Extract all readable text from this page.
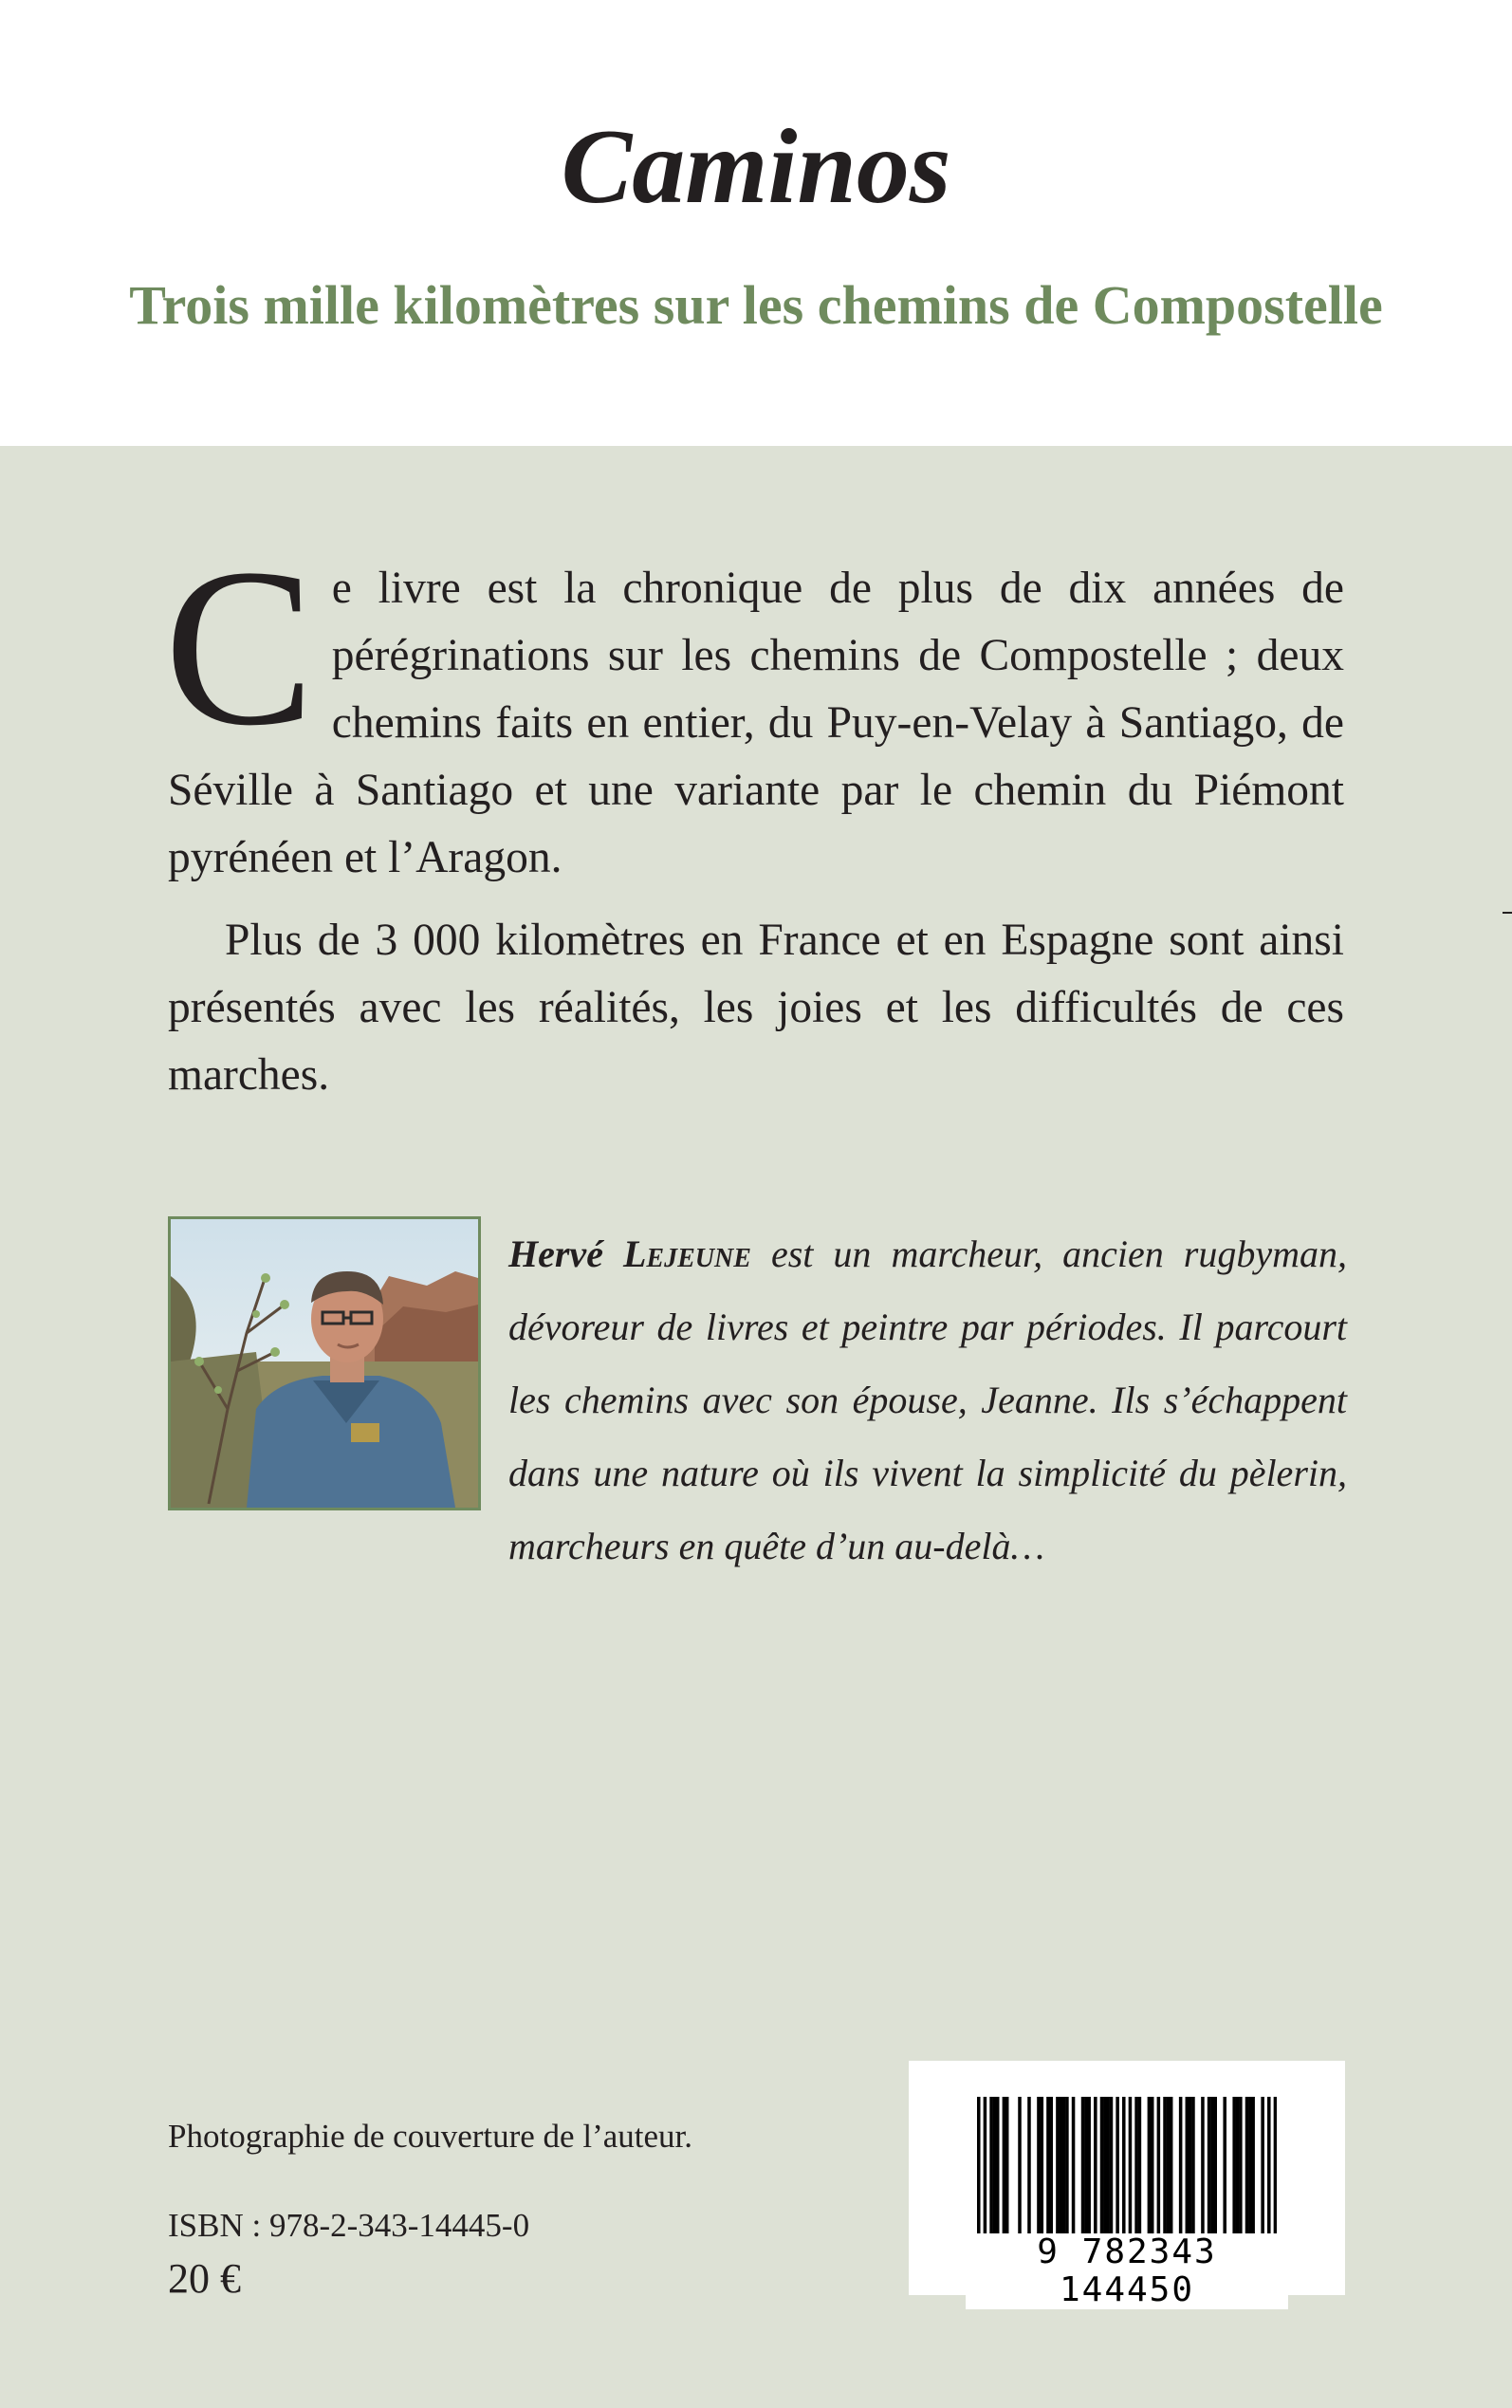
Caminos
Trois mille kilomètres sur les chemins de Compostelle

Ce livre est la chronique de plus de dix années de pérégrinations sur les chemins de Compostelle ; deux chemins faits en entier, du Puy-en-Velay à Santiago, de Séville à Santiago et une variante par le chemin du Piémont pyrénéen et l’Aragon.

Plus de 3 000 kilomètres en France et en Espagne sont ainsi présentés avec les réalités, les joies et les difficultés de ces marches.

Hervé Lejeune est un marcheur, ancien rugbyman, dévoreur de livres et peintre par périodes. Il parcourt les chemins avec son épouse, Jeanne. Ils s’échappent dans une nature où ils vivent la simplicité du pèlerin, marcheurs en quête d’un au-delà…

Photographie de couverture de l’auteur.

ISBN : 978-2-343-14445-0

20 €

9 782343 144450
